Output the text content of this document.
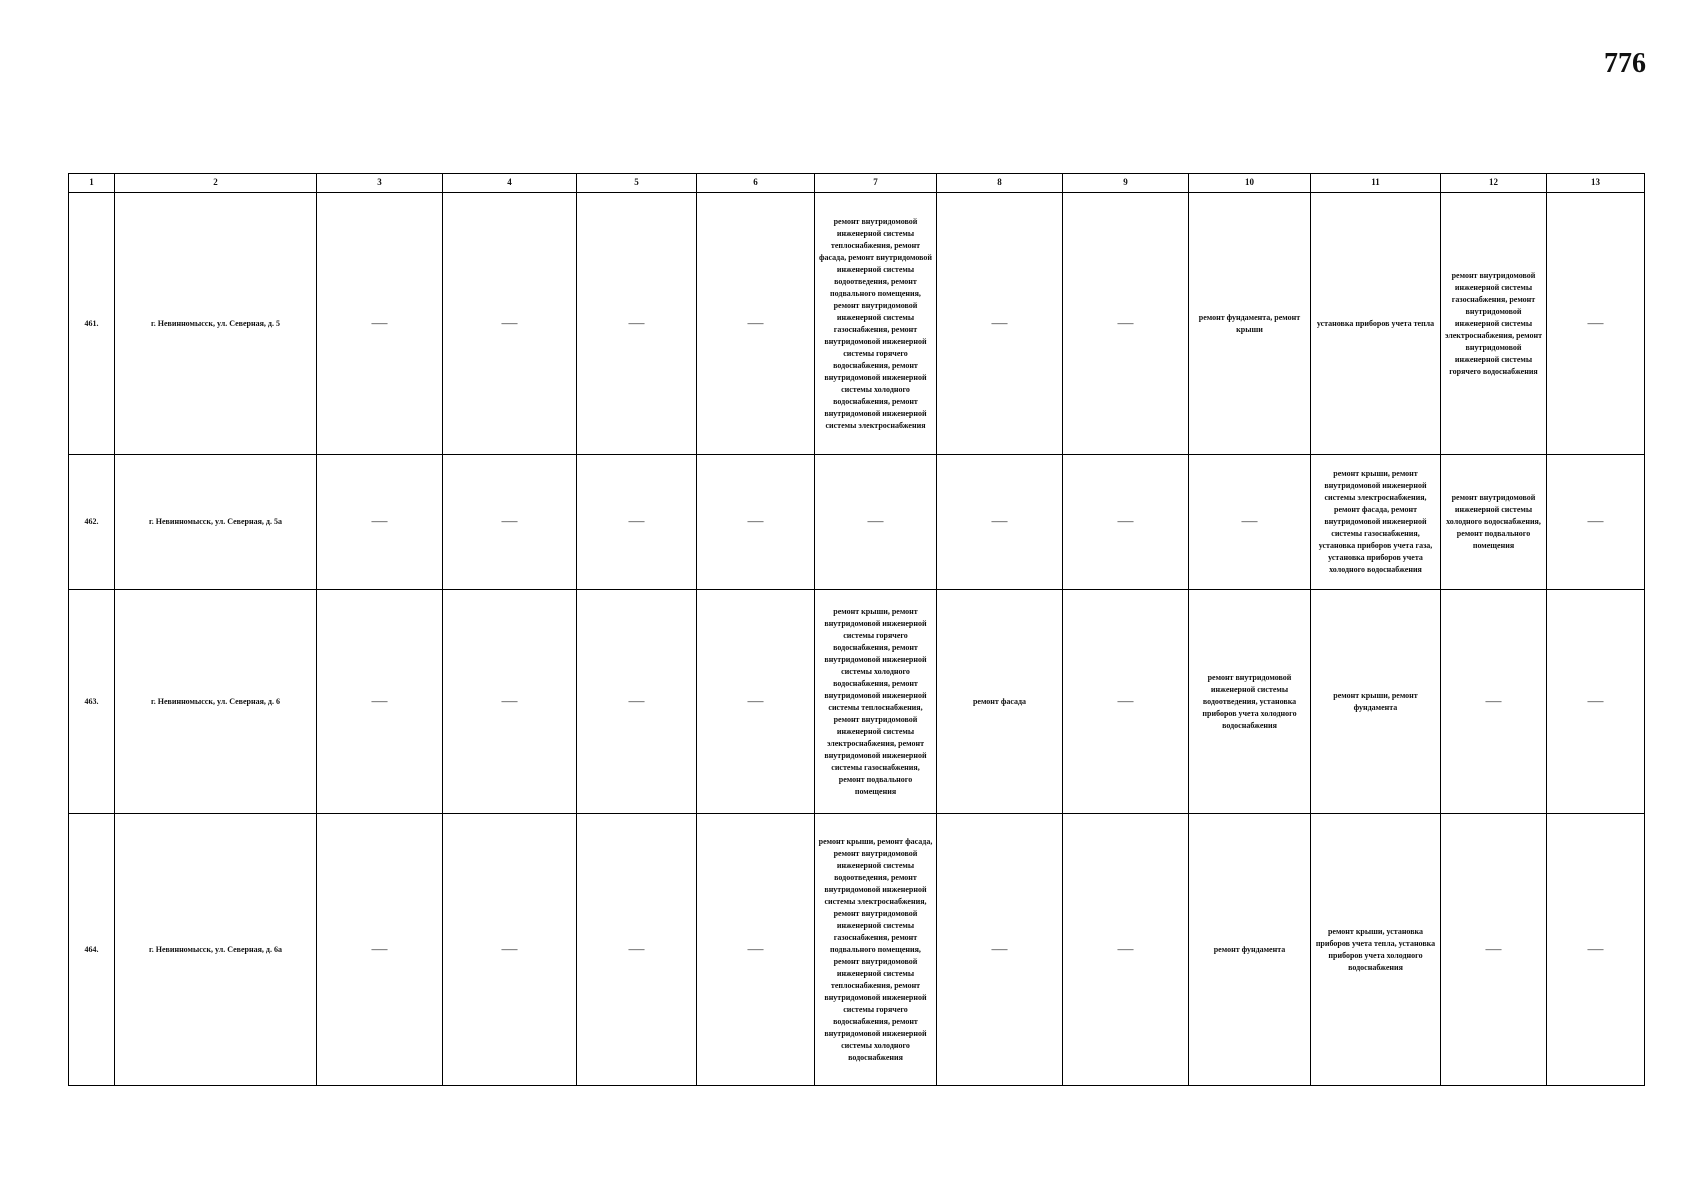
776
1	2	3	4	5	6	7	8	9	10	11	12	13
461.	г. Невинномысск, ул. Северная, д. 5	——	——	——	——	ремонт внутридомовой инженерной системы теплоснабжения, ремонт фасада, ремонт внутридомовой инженерной системы водоотведения, ремонт подвального помещения, ремонт внутридомовой инженерной системы газоснабжения, ремонт внутридомовой инженерной системы горячего водоснабжения, ремонт внутридомовой инженерной системы холодного водоснабжения, ремонт внутридомовой инженерной системы электроснабжения	——	——	ремонт фундамента, ремонт крыши	установка приборов учета тепла	ремонт внутридомовой инженерной системы газоснабжения, ремонт внутридомовой инженерной системы электроснабжения, ремонт внутридомовой инженерной системы горячего водоснабжения	——
462.	г. Невинномысск, ул. Северная, д. 5а	——	——	——	——	——	——	——	——	ремонт крыши, ремонт внутридомовой инженерной системы электроснабжения, ремонт фасада, ремонт внутридомовой инженерной системы газоснабжения, установка приборов учета газа, установка приборов учета холодного водоснабжения	ремонт внутридомовой инженерной системы холодного водоснабжения, ремонт подвального помещения	——
463.	г. Невинномысск, ул. Северная, д. 6	——	——	——	——	ремонт крыши, ремонт внутридомовой инженерной системы горячего водоснабжения, ремонт внутридомовой инженерной системы холодного водоснабжения, ремонт внутридомовой инженерной системы теплоснабжения, ремонт внутридомовой инженерной системы электроснабжения, ремонт внутридомовой инженерной системы газоснабжения, ремонт подвального помещения	ремонт фасада	——	ремонт внутридомовой инженерной системы водоотведения, установка приборов учета холодного водоснабжения	ремонт крыши, ремонт фундамента	——	——
464.	г. Невинномысск, ул. Северная, д. 6а	——	——	——	——	ремонт крыши, ремонт фасада, ремонт внутридомовой инженерной системы водоотведения, ремонт внутридомовой инженерной системы электроснабжения, ремонт внутридомовой инженерной системы газоснабжения, ремонт подвального помещения, ремонт внутридомовой инженерной системы теплоснабжения, ремонт внутридомовой инженерной системы горячего водоснабжения, ремонт внутридомовой инженерной системы холодного водоснабжения	——	——	ремонт фундамента	ремонт крыши, установка приборов учета тепла, установка приборов учета холодного водоснабжения	——	——
